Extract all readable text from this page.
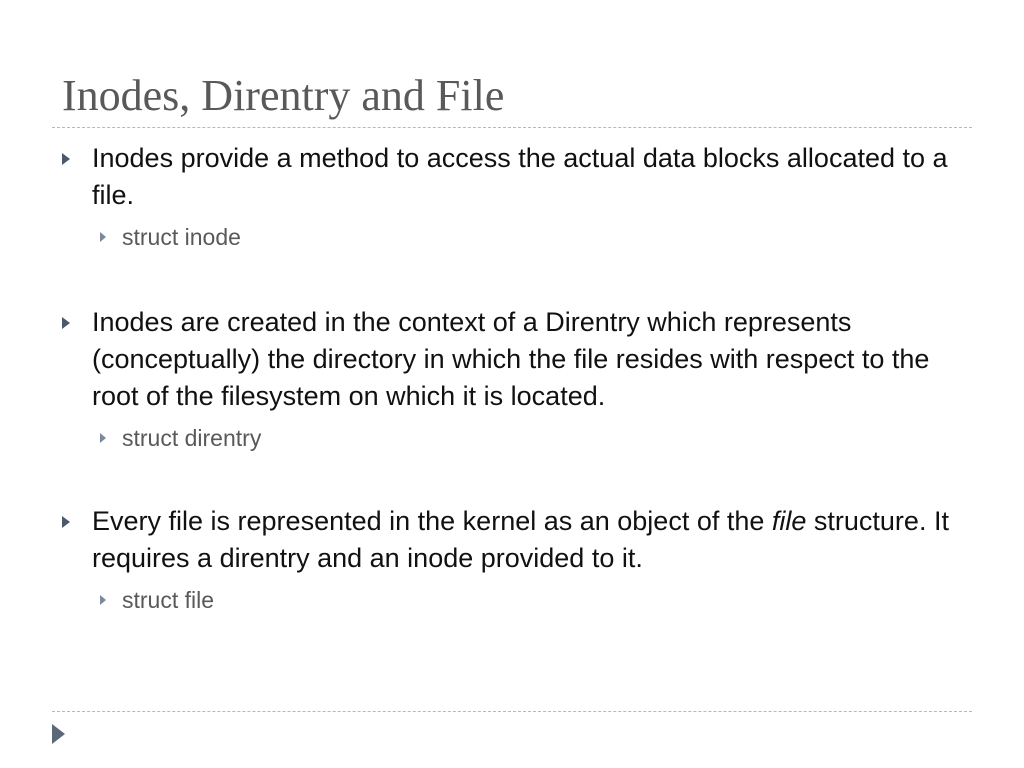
Inodes, Direntry and File
Inodes provide a method to access the actual data blocks allocated to a file.
struct inode
Inodes are created in the context of a Direntry which represents (conceptually) the directory in which the file resides with respect to the root of the filesystem on which it is located.
struct direntry
Every file is represented in the kernel as an object of the file structure. It requires a direntry and an inode provided to it.
struct file
